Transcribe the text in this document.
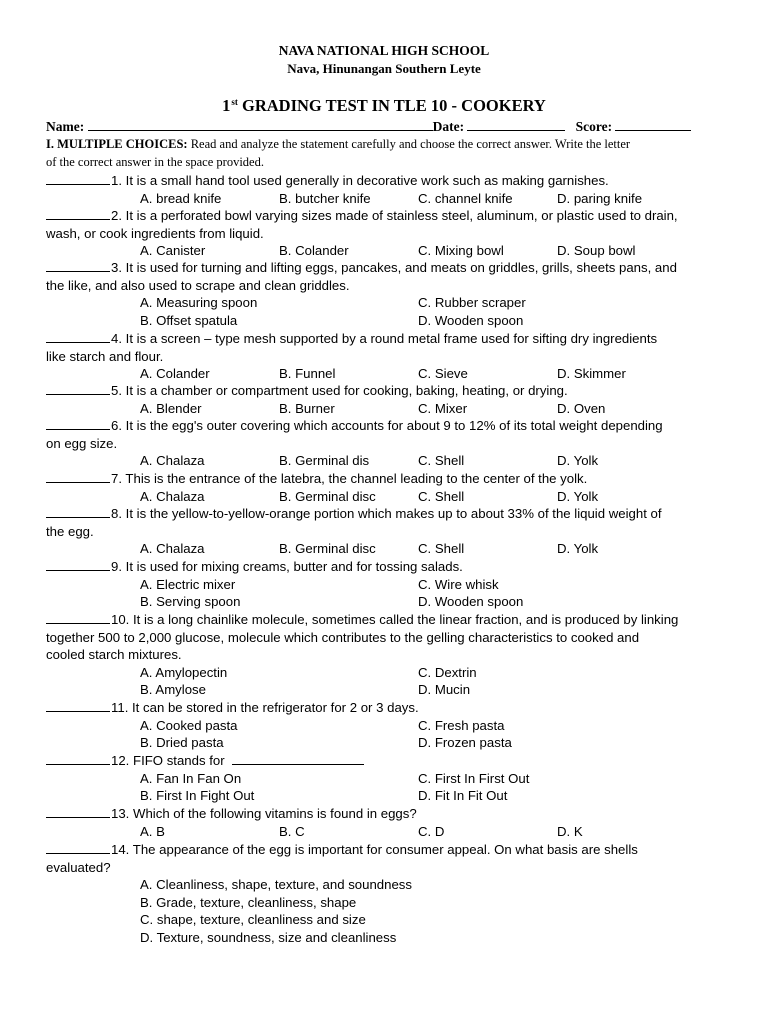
NAVA NATIONAL HIGH SCHOOL
Nava, Hinunangan Southern Leyte
1st GRADING TEST IN TLE 10 - COOKERY
Name:	Date:	Score:
I. MULTIPLE CHOICES: Read and analyze the statement carefully and choose the correct answer. Write the letter
of the correct answer in the space provided.
1. It is a small hand tool used generally in decorative work such as making garnishes.
A. bread knife	B. butcher knife	C. channel knife	D. paring knife
2. It is a perforated bowl varying sizes made of stainless steel, aluminum, or plastic used to drain,
wash, or cook ingredients from liquid.
A. Canister	B. Colander	C. Mixing bowl	D. Soup bowl
3. It is used for turning and lifting eggs, pancakes, and meats on griddles, grills, sheets pans, and
the like, and also used to scrape and clean griddles.
A. Measuring spoon	C. Rubber scraper
B. Offset spatula	D. Wooden spoon
4. It is a screen – type mesh supported by a round metal frame used for sifting dry ingredients
like starch and flour.
A. Colander	B. Funnel	C. Sieve	D. Skimmer
5. It is a chamber or compartment used for cooking, baking, heating, or drying.
A. Blender	B. Burner	C. Mixer	D. Oven
6. It is the egg's outer covering which accounts for about 9 to 12% of its total weight depending
on egg size.
A. Chalaza	B. Germinal dis	C. Shell	D. Yolk
7. This is the entrance of the latebra, the channel leading to the center of the yolk.
A. Chalaza	B. Germinal disc	C. Shell	D. Yolk
8. It is the yellow-to-yellow-orange portion which makes up to about 33% of the liquid weight of
the egg.
A. Chalaza	B. Germinal disc	C. Shell	D. Yolk
9. It is used for mixing creams, butter and for tossing salads.
A. Electric mixer	C. Wire whisk
B. Serving spoon	D. Wooden spoon
10. It is a long chainlike molecule, sometimes called the linear fraction, and is produced by linking
together 500 to 2,000 glucose, molecule which contributes to the gelling characteristics to cooked and
cooled starch mixtures.
A. Amylopectin	C. Dextrin
B. Amylose	D. Mucin
11. It can be stored in the refrigerator for 2 or 3 days.
A. Cooked pasta	C. Fresh pasta
B. Dried pasta	D. Frozen pasta
12. FIFO stands for
A. Fan In Fan On	C. First In First Out
B. First In Fight Out	D. Fit In Fit Out
13. Which of the following vitamins is found in eggs?
A. B	B. C	C. D	D. K
14. The appearance of the egg is important for consumer appeal. On what basis are shells
evaluated?
A. Cleanliness, shape, texture, and soundness
B. Grade, texture, cleanliness, shape
C. shape, texture, cleanliness and size
D. Texture, soundness, size and cleanliness
